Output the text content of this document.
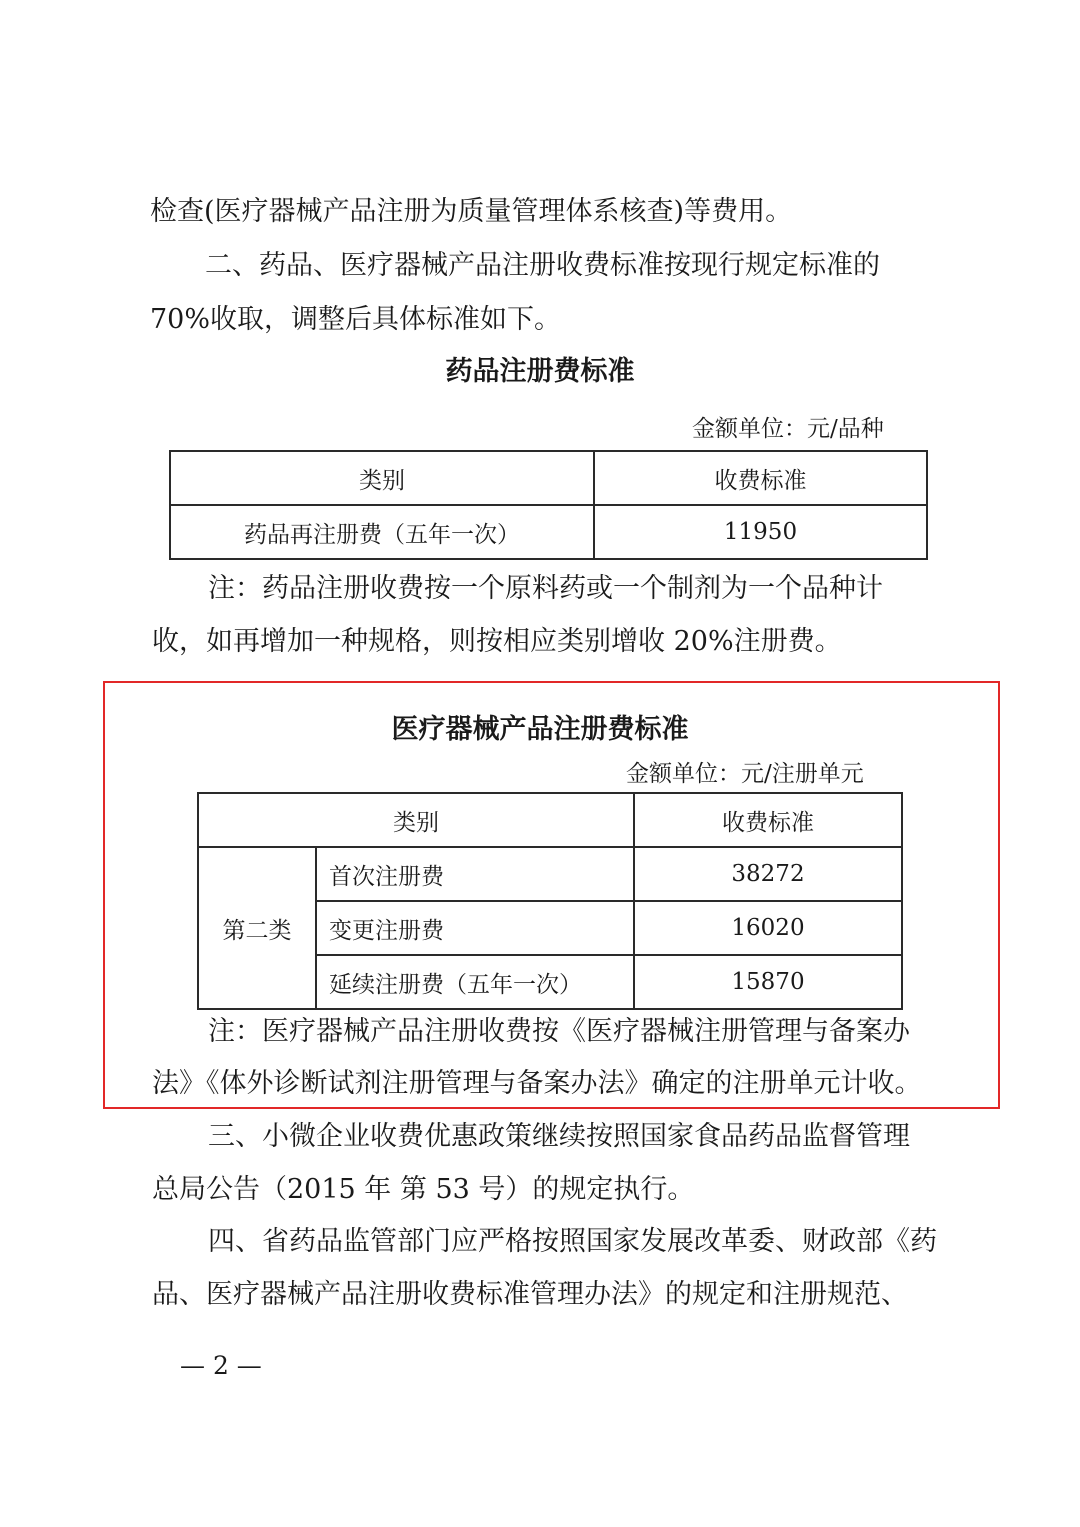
检查(医疗器械产品注册为质量管理体系核查)等费用。

二、药品、医疗器械产品注册收费标准按现行规定标准的

70%收取，调整后具体标准如下。

药品注册费标准
金额单位：元/品种
类别	收费标准
药品再注册费（五年一次）	11950

注：药品注册收费按一个原料药或一个制剂为一个品种计

收，如再增加一种规格，则按相应类别增收 20%注册费。

医疗器械产品注册费标准
金额单位：元/注册单元
类别		收费标准
第二类	首次注册费	38272
	变更注册费	16020
	延续注册费（五年一次）	15870

注：医疗器械产品注册收费按《医疗器械注册管理与备案办

法》《体外诊断试剂注册管理与备案办法》确定的注册单元计收。

三、小微企业收费优惠政策继续按照国家食品药品监督管理

总局公告（2015 年 第 53 号）的规定执行。

四、省药品监管部门应严格按照国家发展改革委、财政部《药

品、医疗器械产品注册收费标准管理办法》的规定和注册规范、

— 2 —
